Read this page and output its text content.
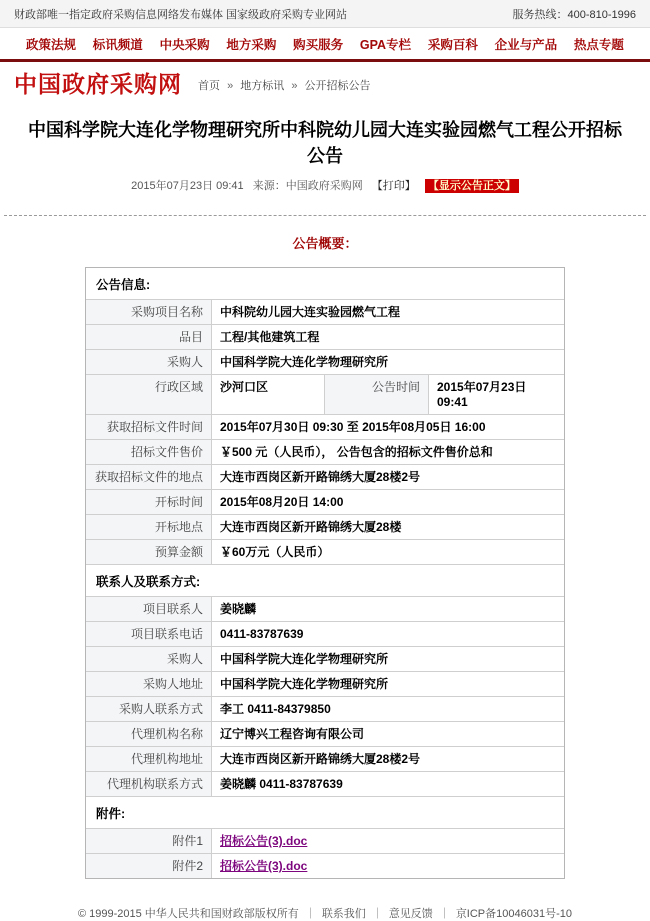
财政部唯一指定政府采购信息网络发布媒体 国家级政府采购专业网站	服务热线：400-810-1996
政策法规 标讯频道 中央采购 地方采购 购买服务 GPA专栏 采购百科 企业与产品 热点专题
中国政府采购网 首页 » 地方标讯 » 公开招标公告
中国科学院大连化学物理研究所中科院幼儿园大连实验园燃气工程公开招标公告
2015年07月23日 09:41 来源：中国政府采购网 【打印】 【显示公告正文】
公告概要：
公告信息:
采购项目名称	中科院幼儿园大连实验园燃气工程
品目	工程/其他建筑工程
采购人	中国科学院大连化学物理研究所
行政区域	沙河口区	公告时间	2015年07月23日 09:41
获取招标文件时间	2015年07月30日 09:30 至 2015年08月05日 16:00
招标文件售价	￥500 元（人民币）， 公告包含的招标文件售价总和
获取招标文件的地点	大连市西岗区新开路锦绣大厦28楼2号
开标时间	2015年08月20日 14:00
开标地点	大连市西岗区新开路锦绣大厦28楼
预算金额	￥60万元（人民币）
联系人及联系方式:
项目联系人	姜晓麟
项目联系电话	0411-83787639
采购人	中国科学院大连化学物理研究所
采购人地址	中国科学院大连化学物理研究所
采购人联系方式	李工 0411-84379850
代理机构名称	辽宁博兴工程咨询有限公司
代理机构地址	大连市西岗区新开路锦绣大厦28楼2号
代理机构联系方式	姜晓麟 0411-83787639
附件:
附件1	招标公告(3).doc
附件2	招标公告(3).doc
© 1999-2015 中华人民共和国财政部版权所有 ｜ 联系我们 ｜ 意见反馈 ｜ 京ICP备10046031号-10
